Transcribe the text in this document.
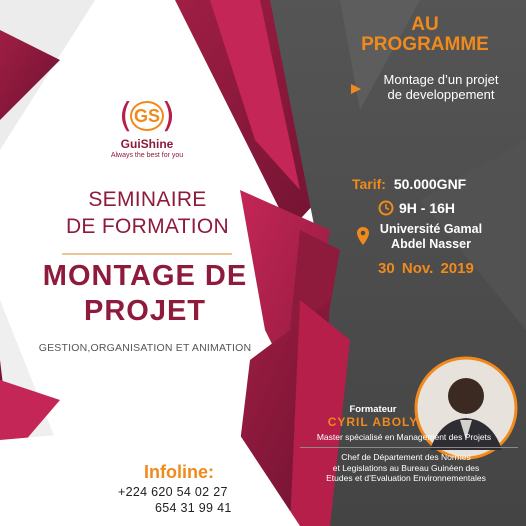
( GS )
GuiShine
Always the best for you
SEMINAIRE
DE FORMATION
MONTAGE DE
PROJET
GESTION,ORGANISATION ET ANIMATION
AU
PROGRAMME
Montage d’un projet
de developpement
Tarif: 50.000GNF
9H - 16H
Université Gamal
Abdel Nasser
30 Nov. 2019
Formateur
CYRIL ABOLY
Master spécialisé en Management des Projets
Chef de Département des Normes
et Legislations au Bureau Guinéen des
Etudes et d’Evaluation Environnementales
Infoline:
+224 620 54 02 27
654 31 99 41
